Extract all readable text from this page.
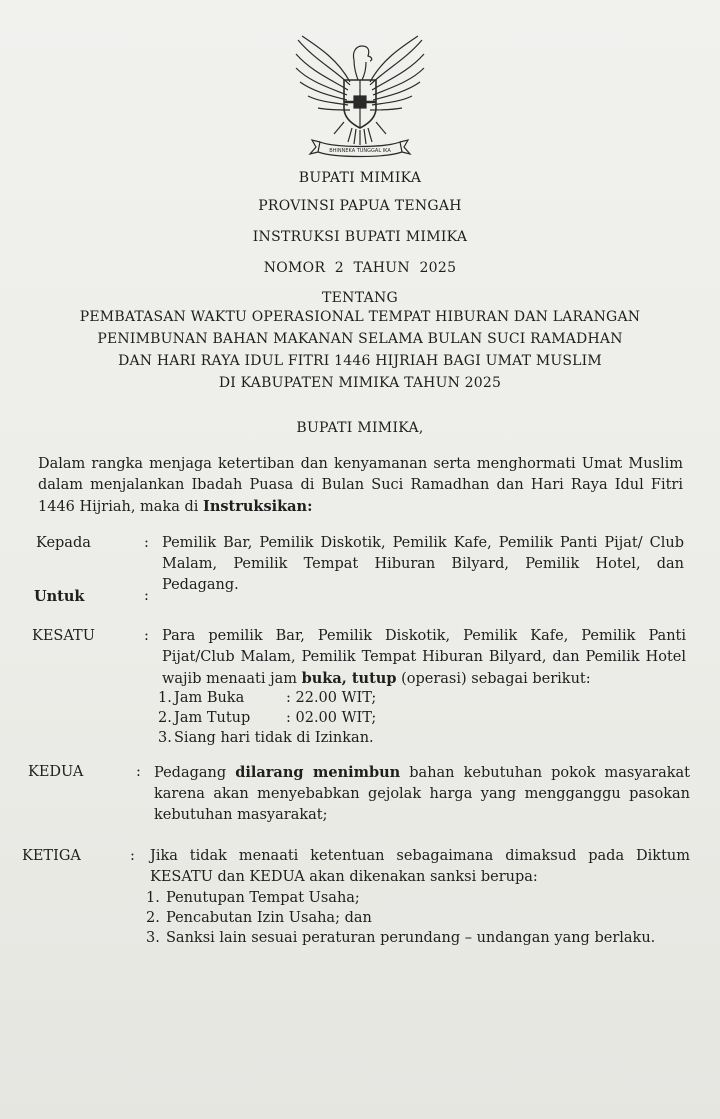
BHINNEKA TUNGGAL IKA
BUPATI MIMIKA
PROVINSI PAPUA TENGAH
INSTRUKSI BUPATI MIMIKA
NOMOR  2  TAHUN  2025
TENTANG
PEMBATASAN WAKTU OPERASIONAL TEMPAT HIBURAN DAN LARANGAN
PENIMBUNAN BAHAN MAKANAN SELAMA BULAN SUCI RAMADHAN
DAN HARI RAYA IDUL FITRI 1446 HIJRIAH BAGI UMAT MUSLIM
DI KABUPATEN MIMIKA TAHUN 2025
BUPATI MIMIKA,
Dalam rangka menjaga ketertiban dan kenyamanan serta menghormati Umat Muslim dalam menjalankan Ibadah Puasa di Bulan Suci Ramadhan dan Hari Raya Idul Fitri 1446 Hijriah, maka di Instruksikan:
Kepada	: Pemilik Bar, Pemilik Diskotik, Pemilik Kafe, Pemilik Panti Pijat/ Club Malam, Pemilik Tempat Hiburan Bilyard, Pemilik Hotel, dan Pedagang.
Untuk	:
KESATU	: Para pemilik Bar, Pemilik Diskotik, Pemilik Kafe, Pemilik Panti Pijat/Club Malam, Pemilik Tempat Hiburan Bilyard, dan Pemilik Hotel wajib menaati jam buka, tutup (operasi) sebagai berikut:
1. Jam Buka	: 22.00 WIT;
2. Jam Tutup : 02.00 WIT;
3. Siang hari tidak di Izinkan.
KEDUA	: Pedagang dilarang menimbun bahan kebutuhan pokok masyarakat karena akan menyebabkan gejolak harga yang mengganggu pasokan kebutuhan masyarakat;
KETIGA	: Jika tidak menaati ketentuan sebagaimana dimaksud pada Diktum KESATU dan KEDUA akan dikenakan sanksi berupa:
1. Penutupan Tempat Usaha;
2. Pencabutan Izin Usaha; dan
3. Sanksi lain sesuai peraturan perundang – undangan yang berlaku.
